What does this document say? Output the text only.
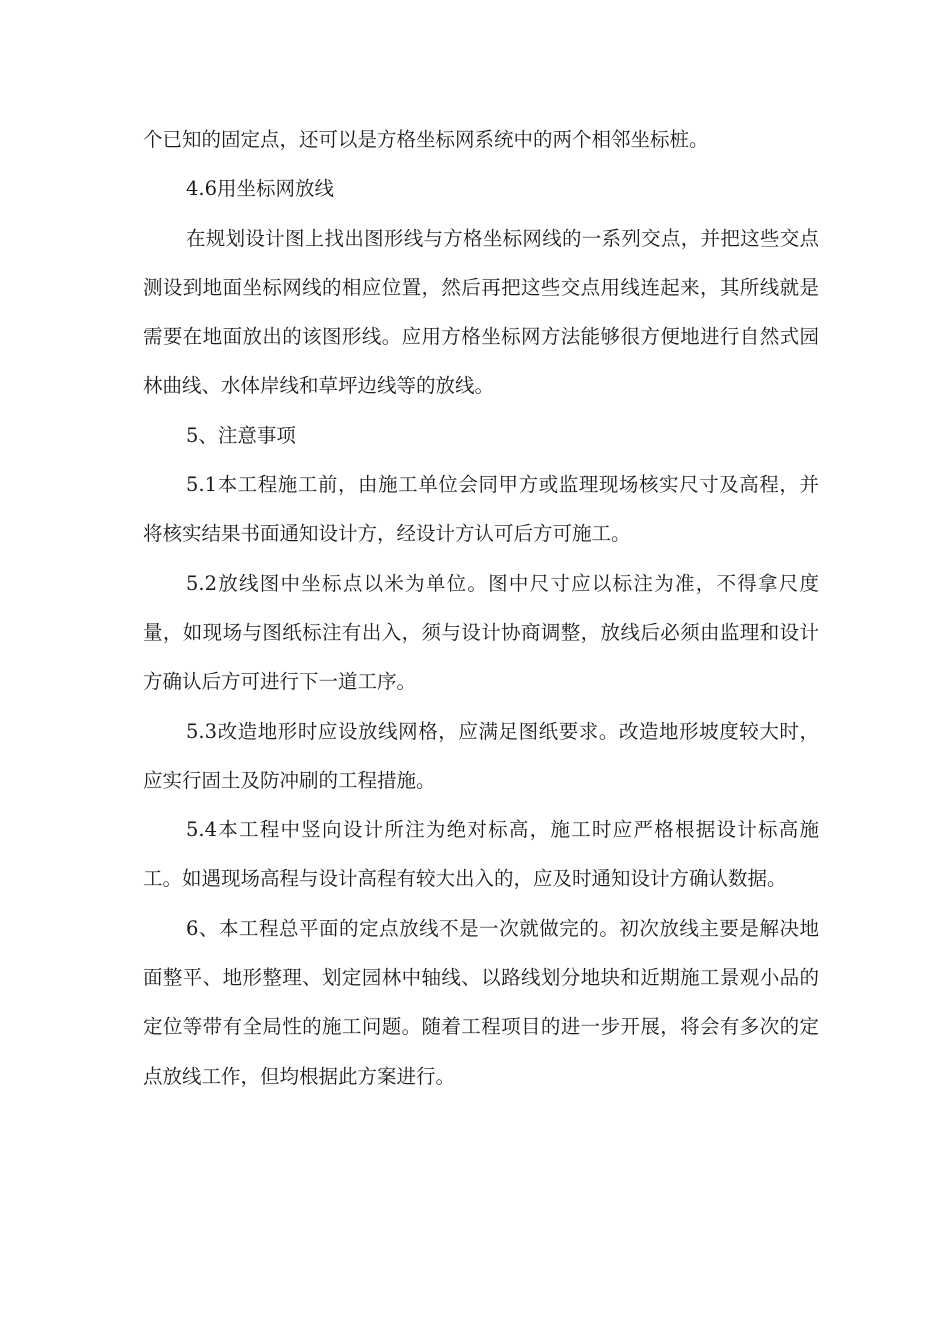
个已知的固定点，还可以是方格坐标网系统中的两个相邻坐标桩。

4.6用坐标网放线

在规划设计图上找出图形线与方格坐标网线的一系列交点，并把这些交点测设到地面坐标网线的相应位置，然后再把这些交点用线连起来，其所线就是需要在地面放出的该图形线。应用方格坐标网方法能够很方便地进行自然式园林曲线、水体岸线和草坪边线等的放线。

5、注意事项

5.1本工程施工前，由施工单位会同甲方或监理现场核实尺寸及高程，并将核实结果书面通知设计方，经设计方认可后方可施工。

5.2放线图中坐标点以米为单位。图中尺寸应以标注为准，不得拿尺度量，如现场与图纸标注有出入，须与设计协商调整，放线后必须由监理和设计方确认后方可进行下一道工序。

5.3改造地形时应设放线网格，应满足图纸要求。改造地形坡度较大时，应实行固土及防冲刷的工程措施。

5.4本工程中竖向设计所注为绝对标高，施工时应严格根据设计标高施工。如遇现场高程与设计高程有较大出入的，应及时通知设计方确认数据。

6、本工程总平面的定点放线不是一次就做完的。初次放线主要是解决地面整平、地形整理、划定园林中轴线、以路线划分地块和近期施工景观小品的定位等带有全局性的施工问题。随着工程项目的进一步开展，将会有多次的定点放线工作，但均根据此方案进行。
